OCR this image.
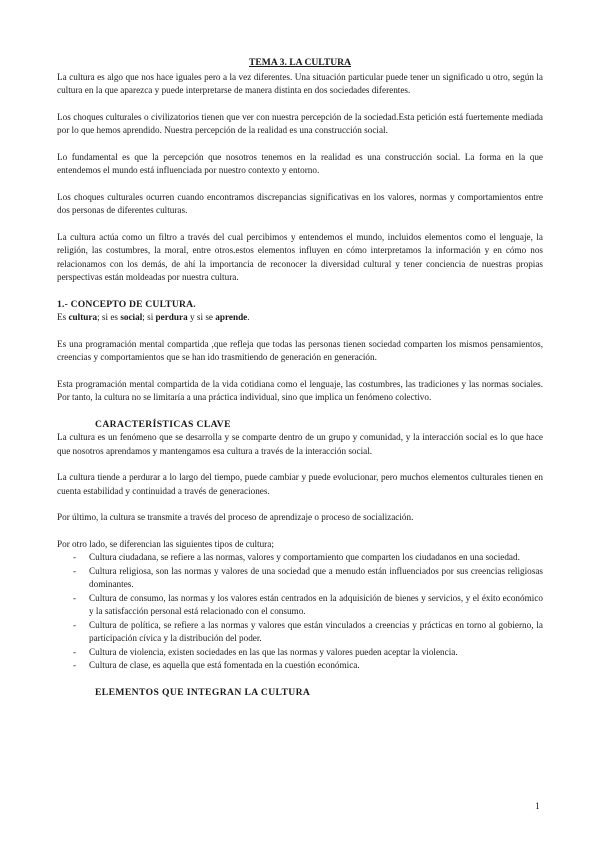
TEMA 3. LA CULTURA

La cultura es algo que nos hace iguales pero a la vez diferentes. Una situación particular puede tener un significado u otro, según la cultura en la que aparezca y puede interpretarse de manera distinta en dos sociedades diferentes.

Los choques culturales o civilizatorios tienen que ver con nuestra percepción de la sociedad.Esta petición está fuertemente mediada por lo que hemos aprendido. Nuestra percepción de la realidad es una construcción social.

Lo fundamental es que la percepción que nosotros tenemos en la realidad es una construcción social. La forma en la que entendemos el mundo está influenciada por nuestro contexto y entorno.

Los choques culturales ocurren cuando encontramos discrepancias significativas en los valores, normas y comportamientos entre dos personas de diferentes culturas.

La cultura actúa como un filtro a través del cual percibimos y entendemos el mundo, incluidos elementos como el lenguaje, la religión, las costumbres, la moral, entre otros.estos elementos influyen en cómo interpretamos la información y en cómo nos relacionamos con los demás, de ahí la importancia de reconocer la diversidad cultural y tener conciencia de nuestras propias perspectivas están moldeadas por nuestra cultura.

1.- CONCEPTO DE CULTURA.
Es cultura; si es social; si perdura y si se aprende.

Es una programación mental compartida ,que refleja que todas las personas tienen sociedad comparten los mismos pensamientos, creencias y comportamientos que se han ido trasmitiendo de generación en generación.

Esta programación mental compartida de la vida cotidiana como el lenguaje, las costumbres, las tradiciones y las normas sociales. Por tanto, la cultura no se limitaría a una práctica individual, sino que implica un fenómeno colectivo.

CARACTERÍSTICAS CLAVE

La cultura es un fenómeno que se desarrolla y se comparte dentro de un grupo y comunidad, y la interacción social es lo que hace que nosotros aprendamos y mantengamos esa cultura a través de la interacción social.

La cultura tiende a perdurar a lo largo del tiempo, puede cambiar y puede evolucionar, pero muchos elementos culturales tienen en cuenta estabilidad y continuidad a través de generaciones.

Por último, la cultura se transmite a través del proceso de aprendizaje o proceso de socialización.

Por otro lado, se diferencian las siguientes tipos de cultura;

- Cultura ciudadana, se refiere a las normas, valores y comportamiento que comparten los ciudadanos en una sociedad.
- Cultura religiosa, son las normas y valores de una sociedad que a menudo están influenciados por sus creencias religiosas dominantes.
- Cultura de consumo, las normas y los valores están centrados en la adquisición de bienes y servicios, y el éxito económico y la satisfacción personal está relacionado con el consumo.
- Cultura de política, se refiere a las normas y valores que están vinculados a creencias y prácticas en torno al gobierno, la participación cívica y la distribución del poder.
- Cultura de violencia, existen sociedades en las que las normas y valores pueden aceptar la violencia.
- Cultura de clase, es aquella que está fomentada en la cuestión económica.
ELEMENTOS QUE INTEGRAN LA CULTURA
1
